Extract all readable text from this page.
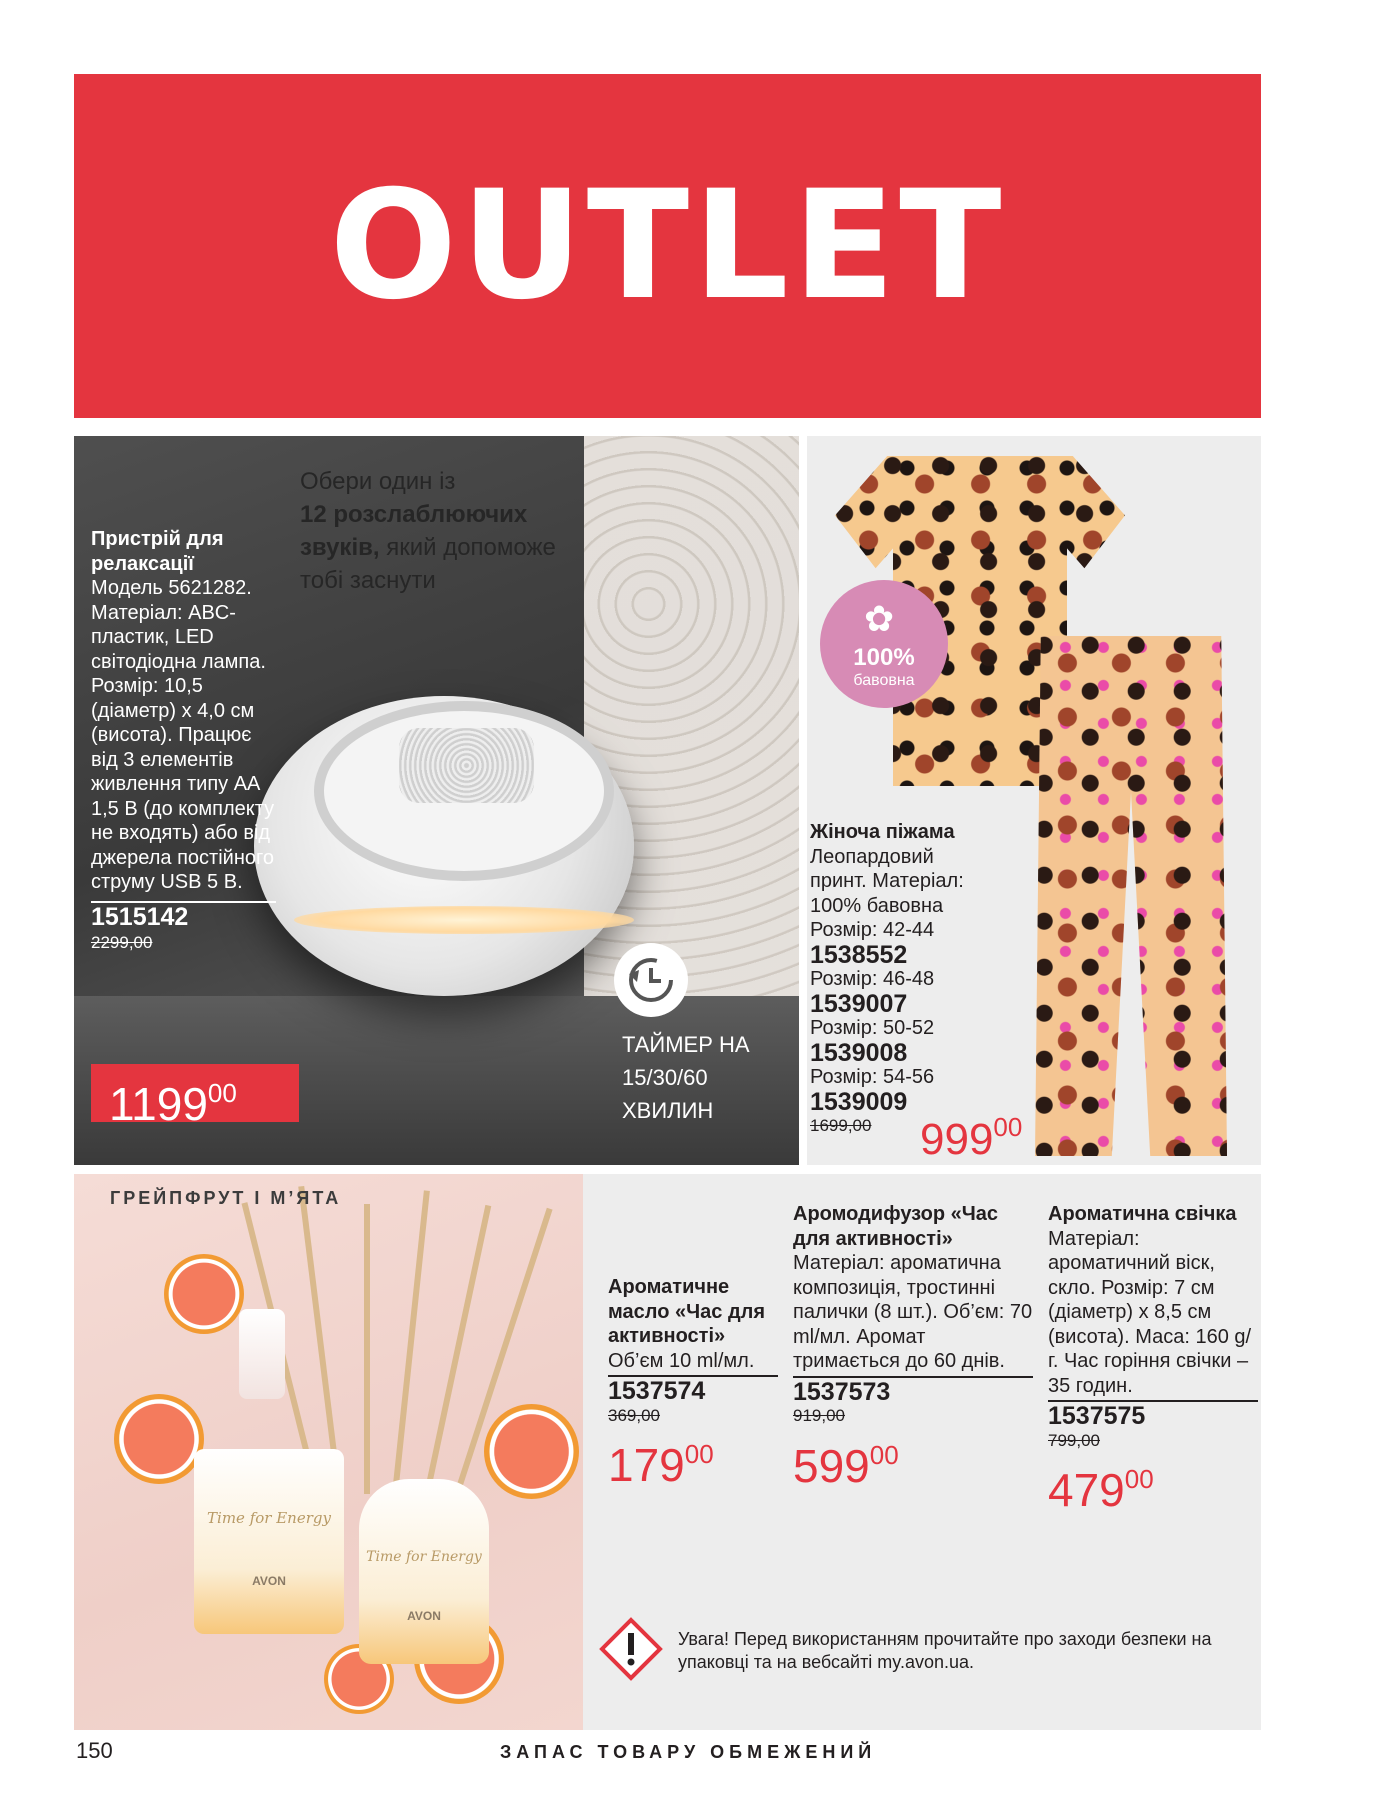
OUTLET
Обери один із
12 розслаблюючих
звуків, який допоможе тобі заснути
Пристрій для релаксації
Модель 5621282. Матеріал: ABC-пластик, LED світодіодна лампа. Розмір: 10,5 (діаметр) х 4,0 см (висота). Працює від 3 елементів живлення типу АА 1,5 В (до комплекту не входять) або від джерела постійного струму USB 5 В.
1515142
2299,00
1199$^{00}$
ТАЙМЕР НА
15/30/60
ХВИЛИН
✿
100%
бавовна
Жіноча піжама
Леопардовий принт. Матеріал: 100% бавовна
Розмір: 42-44
1538552
Розмір: 46-48
1539007
Розмір: 50-52
1539008
Розмір: 54-56
1539009
1699,00	$999^{00}$
Time for Energy
AVON
Time for Energy
AVON
ГРЕЙПФРУТ І М’ЯТА
Ароматичне масло «Час для активності»
Об’єм 10 ml/мл.
1537574
369,00
$179^{00}$
Аромодифузор «Час для активності»
Матеріал: ароматична композиція, тростинні палички (8 шт.). Об’єм: 70 ml/мл. Аромат тримається до 60 днів.
1537573
919,00
$599^{00}$
Ароматична свічка
Матеріал: ароматичний віск, скло. Розмір: 7 см (діаметр) х 8,5 см (висота). Маса: 160 g/г. Час горіння свічки – 35 годин.
1537575
799,00
$479^{00}$
Увага! Перед використанням прочитайте про заходи безпеки на упаковці та на вебсайті my.avon.ua.
150	ЗАПАС ТОВАРУ ОБМЕЖЕНИЙ
